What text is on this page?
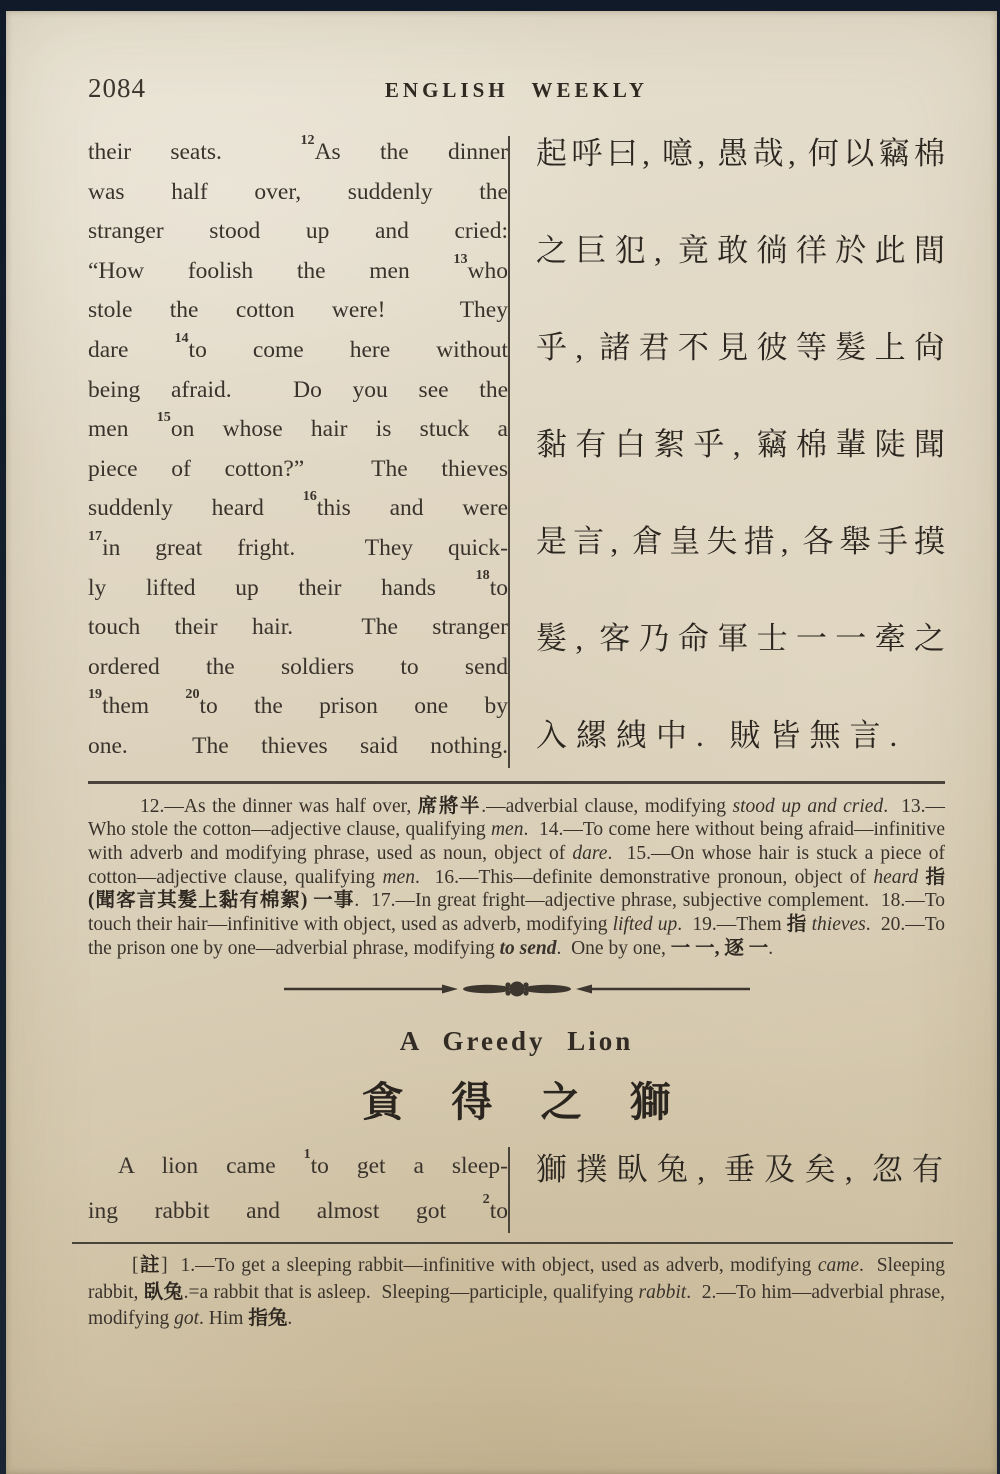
2084	ENGLISH WEEKLY
their seats.  $^{12}$As the dinner
was half over, suddenly the
stranger stood up and cried:
“How foolish the men $^{13}$who
stole the cotton were!  They
dare $^{14}$to come here without
being afraid.  Do you see the
men $^{15}$on whose hair is stuck a
piece of cotton?”  The thieves
suddenly heard $^{16}$this and were
$^{17}$in great fright.  They quick-
ly lifted up their hands $^{18}$to
touch their hair.  The stranger
ordered the soldiers to send
$^{19}$them $^{20}$to the prison one by
one.  The thieves said nothing.
起呼曰, 噫, 愚哉, 何以竊棉
之巨犯, 竟敢徜徉於此間
乎, 諸君不見彼等髮上尙
黏有白絮乎, 竊棉輩陡聞
是言, 倉皇失措, 各舉手摸
髮, 客乃命軍士一一牽之
入縲絏中. 賊皆無言.
12.—As the dinner was half over, 席將半.—adverbial clause, modifying stood up and cried.  13.—Who stole the cotton—adjective clause, qualifying men.  14.—To come here without being afraid—infinitive with adverb and modifying phrase, used as noun, object of dare.  15.—On whose hair is stuck a piece of cotton—adjective clause, qualifying men.  16.—This—definite demonstrative pronoun, object of heard 指 (聞客言其髮上黏有棉絮) 一事.  17.—In great fright—adjective phrase, subjective complement.  18.—To touch their hair—infinitive with object, used as adverb, modifying lifted up.  19.—Them 指 thieves.  20.—To the prison one by one—adverbial phrase, modifying to send.  One by one, 一 一, 逐 一.
A Greedy Lion
貪 得 之 獅
A lion came $^1$to get a sleep-
ing rabbit and almost got $^2$to
獅撲臥兔, 垂及矣, 忽有
[註]  1.—To get a sleeping rabbit—infinitive with object, used as adverb, modifying came.  Sleeping rabbit, 臥兔.=a rabbit that is asleep.  Sleeping—participle, qualifying rabbit.  2.—To him—adverbial phrase, modifying got. Him 指兔.
